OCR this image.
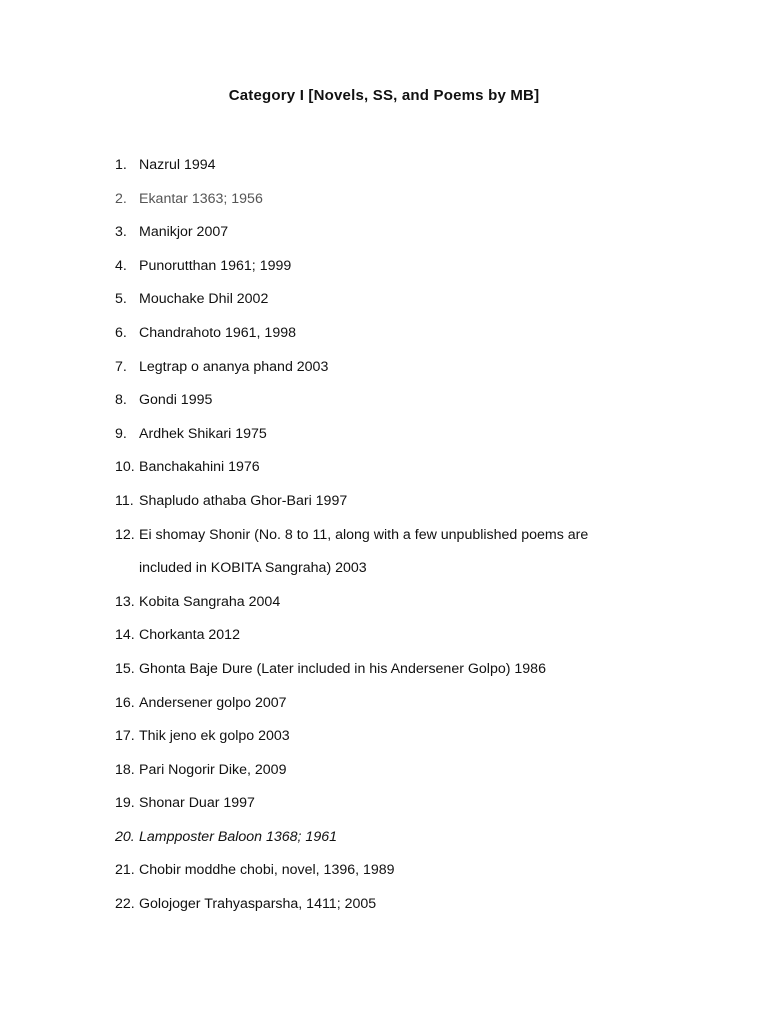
Category I [Novels, SS, and Poems by MB]
1. Nazrul 1994
2. Ekantar 1363; 1956
3. Manikjor 2007
4. Punorutthan 1961; 1999
5. Mouchake Dhil 2002
6. Chandrahoto 1961, 1998
7. Legtrap o ananya phand 2003
8. Gondi 1995
9. Ardhek Shikari 1975
10. Banchakahini 1976
11. Shapludo athaba Ghor-Bari 1997
12. Ei shomay Shonir (No. 8 to 11, along with a few unpublished poems are
included in KOBITA Sangraha) 2003
13. Kobita Sangraha 2004
14. Chorkanta 2012
15. Ghonta Baje Dure (Later included in his Andersener Golpo) 1986
16. Andersener golpo 2007
17. Thik jeno ek golpo 2003
18. Pari Nogorir Dike, 2009
19. Shonar Duar 1997
20. Lampposter Baloon 1368; 1961
21. Chobir moddhe chobi, novel, 1396, 1989
22. Golojoger Trahyasparsha, 1411; 2005
